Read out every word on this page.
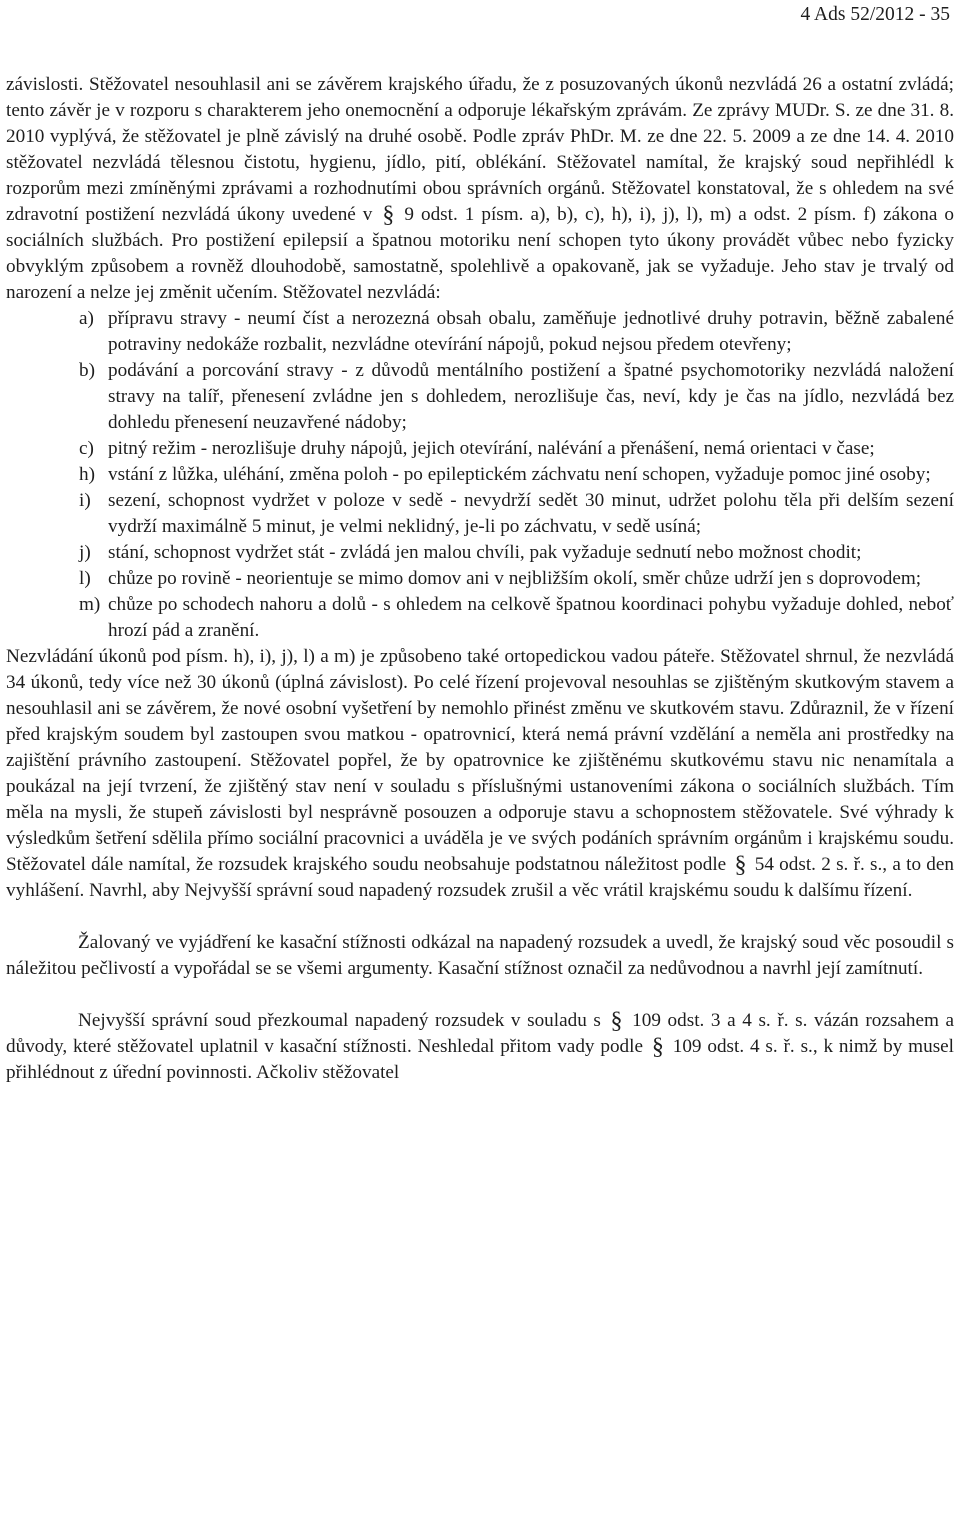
4 Ads 52/2012 - 35

závislosti. Stěžovatel nesouhlasil ani se závěrem krajského úřadu, že z posuzovaných úkonů nezvládá 26 a ostatní zvládá; tento závěr je v rozporu s charakterem jeho onemocnění a odporuje lékařským zprávám. Ze zprávy MUDr. S. ze dne 31. 8. 2010 vyplývá, že stěžovatel je plně závislý na druhé osobě. Podle zpráv PhDr. M. ze dne 22. 5. 2009 a ze dne 14. 4. 2010 stěžovatel nezvládá tělesnou čistotu, hygienu, jídlo, pití, oblékání. Stěžovatel namítal, že krajský soud nepřihlédl k rozporům mezi zmíněnými zprávami a rozhodnutími obou správních orgánů. Stěžovatel konstatoval, že s ohledem na své zdravotní postižení nezvládá úkony uvedené v § 9 odst. 1 písm. a), b), c), h), i), j), l), m) a odst. 2 písm. f) zákona o sociálních službách. Pro postižení epilepsií a špatnou motoriku není schopen tyto úkony provádět vůbec nebo fyzicky obvyklým způsobem a rovněž dlouhodobě, samostatně, spolehlivě a opakovaně, jak se vyžaduje. Jeho stav je trvalý od narození a nelze jej změnit učením. Stěžovatel nezvládá:

a) přípravu stravy - neumí číst a nerozezná obsah obalu, zaměňuje jednotlivé druhy potravin, běžně zabalené potraviny nedokáže rozbalit, nezvládne otevírání nápojů, pokud nejsou předem otevřeny;
b) podávání a porcování stravy - z důvodů mentálního postižení a špatné psychomotoriky nezvládá naložení stravy na talíř, přenesení zvládne jen s dohledem, nerozlišuje čas, neví, kdy je čas na jídlo, nezvládá bez dohledu přenesení neuzavřené nádoby;
c) pitný režim - nerozlišuje druhy nápojů, jejich otevírání, nalévání a přenášení, nemá orientaci v čase;
h) vstání z lůžka, uléhání, změna poloh - po epileptickém záchvatu není schopen, vyžaduje pomoc jiné osoby;
i) sezení, schopnost vydržet v poloze v sedě - nevydrží sedět 30 minut, udržet polohu těla při delším sezení vydrží maximálně 5 minut, je velmi neklidný, je-li po záchvatu, v sedě usíná;
j) stání, schopnost vydržet stát - zvládá jen malou chvíli, pak vyžaduje sednutí nebo možnost chodit;
l) chůze po rovině - neorientuje se mimo domov ani v nejbližším okolí, směr chůze udrží jen s doprovodem;
m) chůze po schodech nahoru a dolů - s ohledem na celkově špatnou koordinaci pohybu vyžaduje dohled, neboť hrozí pád a zranění.

Nezvládání úkonů pod písm. h), i), j), l) a m) je způsobeno také ortopedickou vadou páteře. Stěžovatel shrnul, že nezvládá 34 úkonů, tedy více než 30 úkonů (úplná závislost). Po celé řízení projevoval nesouhlas se zjištěným skutkovým stavem a nesouhlasil ani se závěrem, že nové osobní vyšetření by nemohlo přinést změnu ve skutkovém stavu. Zdůraznil, že v řízení před krajským soudem byl zastoupen svou matkou - opatrovnicí, která nemá právní vzdělání a neměla ani prostředky na zajištění právního zastoupení. Stěžovatel popřel, že by opatrovnice ke zjištěnému skutkovému stavu nic nenamítala a poukázal na její tvrzení, že zjištěný stav není v souladu s příslušnými ustanoveními zákona o sociálních službách. Tím měla na mysli, že stupeň závislosti byl nesprávně posouzen a odporuje stavu a schopnostem stěžovatele. Své výhrady k výsledkům šetření sdělila přímo sociální pracovnici a uváděla je ve svých podáních správním orgánům i krajskému soudu. Stěžovatel dále namítal, že rozsudek krajského soudu neobsahuje podstatnou náležitost podle § 54 odst. 2 s. ř. s., a to den vyhlášení. Navrhl, aby Nejvyšší správní soud napadený rozsudek zrušil a věc vrátil krajskému soudu k dalšímu řízení.

Žalovaný ve vyjádření ke kasační stížnosti odkázal na napadený rozsudek a uvedl, že krajský soud věc posoudil s náležitou pečlivostí a vypořádal se se všemi argumenty. Kasační stížnost označil za nedůvodnou a navrhl její zamítnutí.

Nejvyšší správní soud přezkoumal napadený rozsudek v souladu s § 109 odst. 3 a 4 s. ř. s. vázán rozsahem a důvody, které stěžovatel uplatnil v kasační stížnosti. Neshledal přitom vady podle § 109 odst. 4 s. ř. s., k nimž by musel přihlédnout z úřední povinnosti. Ačkoliv stěžovatel
